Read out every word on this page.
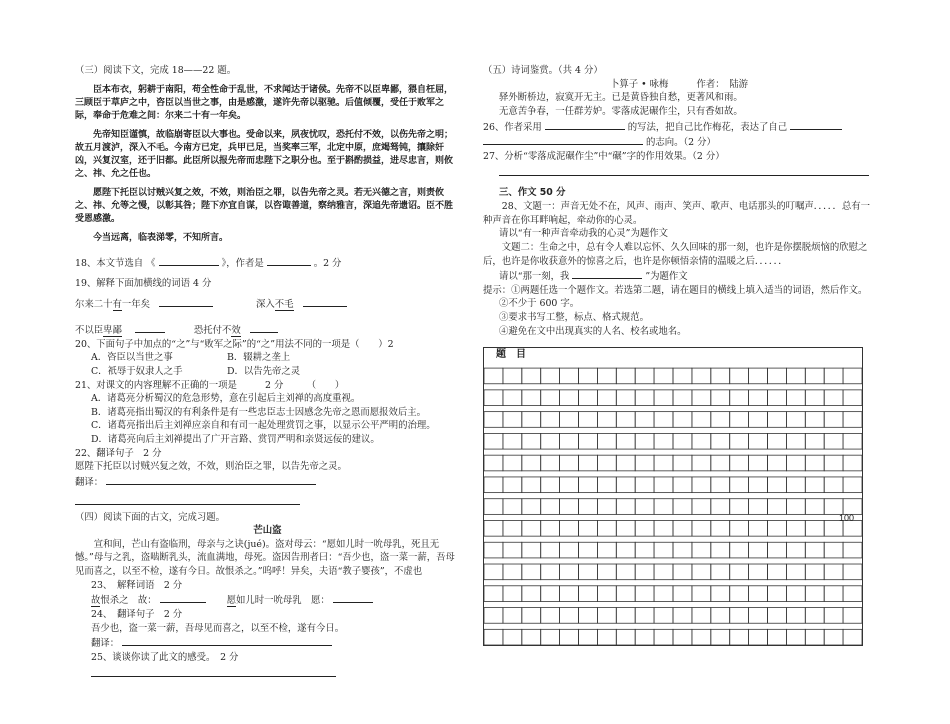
（三）阅读下文，完成 18——22 题。

臣本布衣，躬耕于南阳，苟全性命于乱世，不求闻达于诸侯。先帝不以臣卑鄙，猥自枉屈，三顾臣于草庐之中，咨臣以当世之事，由是感激，遂许先帝以驱驰。后值倾覆，受任于败军之际，奉命于危难之间：尔来二十有一年矣。

先帝知臣谨慎，故临崩寄臣以大事也。受命以来，夙夜忧叹，恐托付不效，以伤先帝之明；故五月渡泸，深入不毛。今南方已定，兵甲已足，当奖率三军，北定中原，庶竭驽钝，攘除奸凶，兴复汉室，还于旧都。此臣所以报先帝而忠陛下之职分也。至于斟酌损益，进尽忠言，则攸之、祎、允之任也。

愿陛下托臣以讨贼兴复之效，不效，则治臣之罪，以告先帝之灵。若无兴德之言，则责攸之、祎、允等之慢，以彰其咎；陛下亦宜自谋，以咨诹善道，察纳雅言，深追先帝遗诏。臣不胜受恩感激。

今当远离，临表涕零，不知所言。

18、本文节选自 《	》，作者是	。2 分

19、解释下面加横线的词语 4 分

尔来二十有一年矣	深入不毛

不以臣卑鄙	恐托付不效

20、下面句子中加点的“之”与“败军之际”的“之”用法不同的一项是（　　）2

A．咨臣以当世之事	B．辍耕之垄上
C．祇辱于奴隶人之手	D．以告先帝之灵

21、对课文的内容理解不正确的一项是　　　2 分　　　（　　）

A．诸葛亮分析蜀汉的危急形势，意在引起后主刘禅的高度重视。

B．诸葛亮指出蜀汉的有利条件是有一些忠臣志士因感念先帝之恩而愿报效后主。

C．诸葛亮指出后主刘禅应亲自和有司一起处理赏罚之事，以显示公平严明的治理。

D．诸葛亮向后主刘禅提出了广开言路、赏罚严明和亲贤远佞的建议。

22、翻译句子　2 分

愿陛下托臣以讨贼兴复之效，不效，则治臣之罪，以告先帝之灵。

翻译：

（四）阅读下面的古文，完成习题。

芒山盗

宣和间，芒山有盗临刑，母亲与之诀(jué)。盗对母云：“愿如儿时一吮母乳，死且无憾。”母与之乳，盗啮断乳头，流血满地，母死。盗因告刑者曰：“吾少也，盗一菜一薪，吾母见而喜之，以至不检，遂有今日。故恨杀之。”呜呼！异矣，夫语“教子婴孩”，不虚也

23、　解释词语　2 分

故恨杀之　故：	愿如儿时一吮母乳　愿：

24、　翻译句子　2 分

吾少也，盗一菜一薪，吾母见而喜之，以至不检，遂有今日。

翻译：

25、谈谈你读了此文的感受。　2 分

（五）诗词鉴赏。（共 4 分）

卜算子 • 咏梅　　　作者：　陆游

驿外断桥边，寂寞开无主。已是黄昏独自愁，更著风和雨。

无意苦争春，一任群芳妒。零落成泥碾作尘，只有香如故。

26、作者采用	的写法，把自己比作梅花，表达了自己

的志向。（2 分）

27、分析“零落成泥碾作尘”中“碾”字的作用效果。（2 分）

三、作文 50 分

28、文题一：声音无处不在，风声、雨声、笑声、歌声、电话那头的叮嘱声．．．．．总有一种声音在你耳畔响起，牵动你的心灵。

请以“有一种声音牵动我的心灵”为题作文

文题二：生命之中，总有令人难以忘怀、久久回味的那一刻，也许是你摆脱烦恼的欣慰之后，也许是你收获意外的惊喜之后，也许是你顿悟亲情的温暖之后．．．．．．

请以“那一刻，我	”为题作文

提示：①两题任选一个题作文。若选第二题，请在题目的横线上填入适当的词语，然后作文。

②不少于 600 字。

③要求书写工整，标点、格式规范。

④避免在文中出现真实的人名、校名或地名。

题　目
100
